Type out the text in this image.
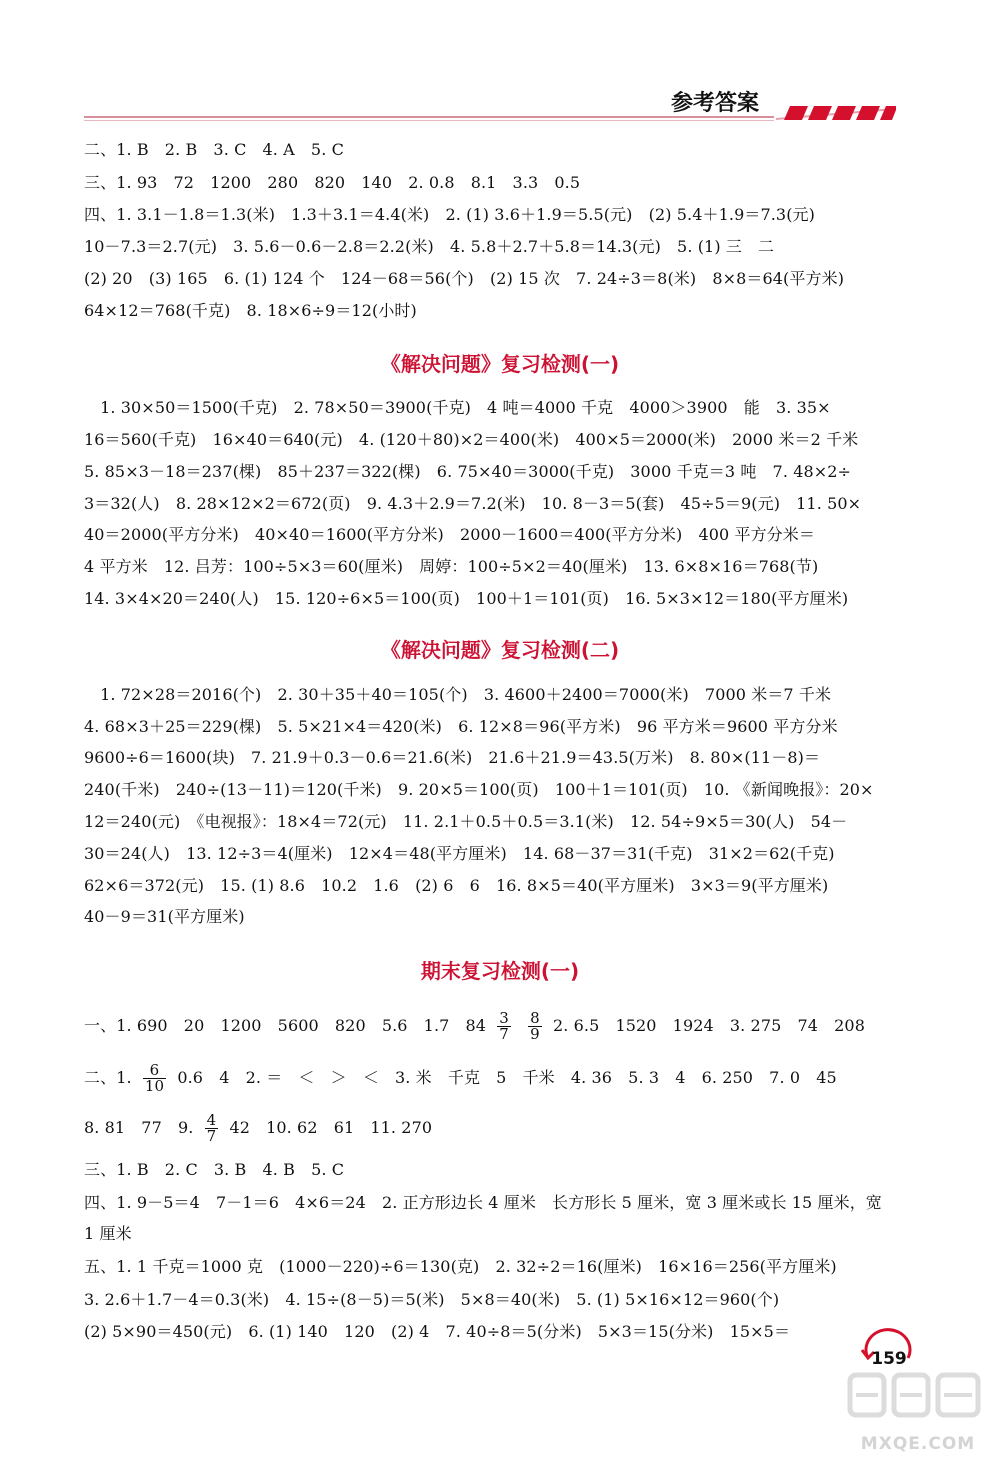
参考答案
二、1. B　2. B　3. C　4. A　5. C
三、1. 93　72　1200　280　820　140　2. 0.8　8.1　3.3　0.5
四、1. 3.1－1.8＝1.3(米)　1.3＋3.1＝4.4(米)　2. (1) 3.6＋1.9＝5.5(元)　(2) 5.4＋1.9＝7.3(元)
10－7.3＝2.7(元)　3. 5.6－0.6－2.8＝2.2(米)　4. 5.8＋2.7＋5.8＝14.3(元)　5. (1) 三　二
(2) 20　(3) 165　6. (1) 124 个　124－68＝56(个)　(2) 15 次　7. 24÷3＝8(米)　8×8＝64(平方米)
64×12＝768(千克)　8. 18×6÷9＝12(小时)
《解决问题》复习检测(一)
　1. 30×50＝1500(千克)　2. 78×50＝3900(千克)　4 吨＝4000 千克　4000＞3900　能　3. 35×
16＝560(千克)　16×40＝640(元)　4. (120＋80)×2＝400(米)　400×5＝2000(米)　2000 米＝2 千米
5. 85×3－18＝237(棵)　85＋237＝322(棵)　6. 75×40＝3000(千克)　3000 千克＝3 吨　7. 48×2÷
3＝32(人)　8. 28×12×2＝672(页)　9. 4.3＋2.9＝7.2(米)　10. 8－3＝5(套)　45÷5＝9(元)　11. 50×
40＝2000(平方分米)　40×40＝1600(平方分米)　2000－1600＝400(平方分米)　400 平方分米＝
4 平方米　12. 吕芳：100÷5×3＝60(厘米)　周婷：100÷5×2＝40(厘米)　13. 6×8×16＝768(节)
14. 3×4×20＝240(人)　15. 120÷6×5＝100(页)　100＋1＝101(页)　16. 5×3×12＝180(平方厘米)
《解决问题》复习检测(二)
　1. 72×28＝2016(个)　2. 30＋35＋40＝105(个)　3. 4600＋2400＝7000(米)　7000 米＝7 千米
4. 68×3＋25＝229(棵)　5. 5×21×4＝420(米)　6. 12×8＝96(平方米)　96 平方米＝9600 平方分米
9600÷6＝1600(块)　7. 21.9＋0.3－0.6＝21.6(米)　21.6＋21.9＝43.5(万米)　8. 80×(11－8)＝
240(千米)　240÷(13－11)＝120(千米)　9. 20×5＝100(页)　100＋1＝101(页)　10. 《新闻晚报》：20×
12＝240(元)　《电视报》：18×4＝72(元)　11. 2.1＋0.5＋0.5＝3.1(米)　12. 54÷9×5＝30(人)　54－
30＝24(人)　13. 12÷3＝4(厘米)　12×4＝48(平方厘米)　14. 68－37＝31(千克)　31×2＝62(千克)
62×6＝372(元)　15. (1) 8.6　10.2　1.6　(2) 6　6　16. 8×5＝40(平方厘米)　3×3＝9(平方厘米)
40－9＝31(平方厘米)
期末复习检测(一)
一、1. 690　20　1200　5600　820　5.6　1.7　$84 \frac{3}{7}$
$\frac{8}{9} 2$. 6.5　1520　1924　3. 275　74　208
二、1. $\frac{6}{10} 0.6$　4　2. ＝　＜　＞　＜　3. 米　千克　5　千米　4. 36　5. 3　4　6. 250　7. 0　45
8. 81　77　9. $\frac{4}{7} 42$　10. 62　61　11. 270
三、1. B　2. C　3. B　4. B　5. C
四、1. 9－5＝4　7－1＝6　4×6＝24　2. 正方形边长 4 厘米　长方形长 5 厘米，宽 3 厘米或长 15 厘米，宽
1 厘米
五、1. 1 千克＝1000 克　(1000－220)÷6＝130(克)　2. 32÷2＝16(厘米)　16×16＝256(平方厘米)
3. 2.6＋1.7－4＝0.3(米)　4. 15÷(8－5)＝5(米)　5×8＝40(米)　5. (1) 5×16×12＝960(个)
(2) 5×90＝450(元)　6. (1) 140　120　(2) 4　7. 40÷8＝5(分米)　5×3＝15(分米)　15×5＝
159
MXQE.COM
